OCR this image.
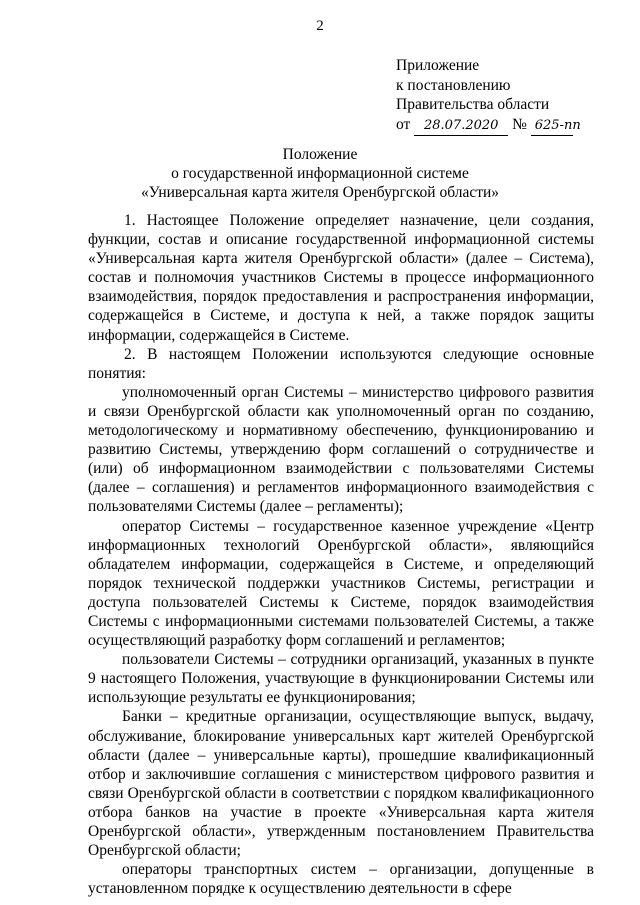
2
Приложение
к постановлению
Правительства области
от 28.07.2020 № 625-пп
Положение
о государственной информационной системе
«Универсальная карта жителя Оренбургской области»

1. Настоящее Положение определяет назначение, цели создания, функции, состав и описание государственной информационной системы «Универсальная карта жителя Оренбургской области» (далее – Система), состав и полномочия участников Системы в процессе информационного взаимодействия, порядок предоставления и распространения информации, содержащейся в Системе, и доступа к ней, а также порядок защиты информации, содержащейся в Системе.

2. В настоящем Положении используются следующие основные понятия:

уполномоченный орган Системы – министерство цифрового развития и связи Оренбургской области как уполномоченный орган по созданию, методологическому и нормативному обеспечению, функционированию и развитию Системы, утверждению форм соглашений о сотрудничестве и (или) об информационном взаимодействии с пользователями Системы (далее – соглашения) и регламентов информационного взаимодействия с пользователями Системы (далее – регламенты);

оператор Системы – государственное казенное учреждение «Центр информационных технологий Оренбургской области», являющийся обладателем информации, содержащейся в Системе, и определяющий порядок технической поддержки участников Системы, регистрации и доступа пользователей Системы к Системе, порядок взаимодействия Системы с информационными системами пользователей Системы, а также осуществляющий разработку форм соглашений и регламентов;

пользователи Системы – сотрудники организаций, указанных в пункте 9 настоящего Положения, участвующие в функционировании Системы или использующие результаты ее функционирования;

Банки – кредитные организации, осуществляющие выпуск, выдачу, обслуживание, блокирование универсальных карт жителей Оренбургской области (далее – универсальные карты), прошедшие квалификационный отбор и заключившие соглашения с министерством цифрового развития и связи Оренбургской области в соответствии с порядком квалификационного отбора банков на участие в проекте «Универсальная карта жителя Оренбургской области», утвержденным постановлением Правительства Оренбургской области;

операторы транспортных систем – организации, допущенные в установленном порядке к осуществлению деятельности в сфере
